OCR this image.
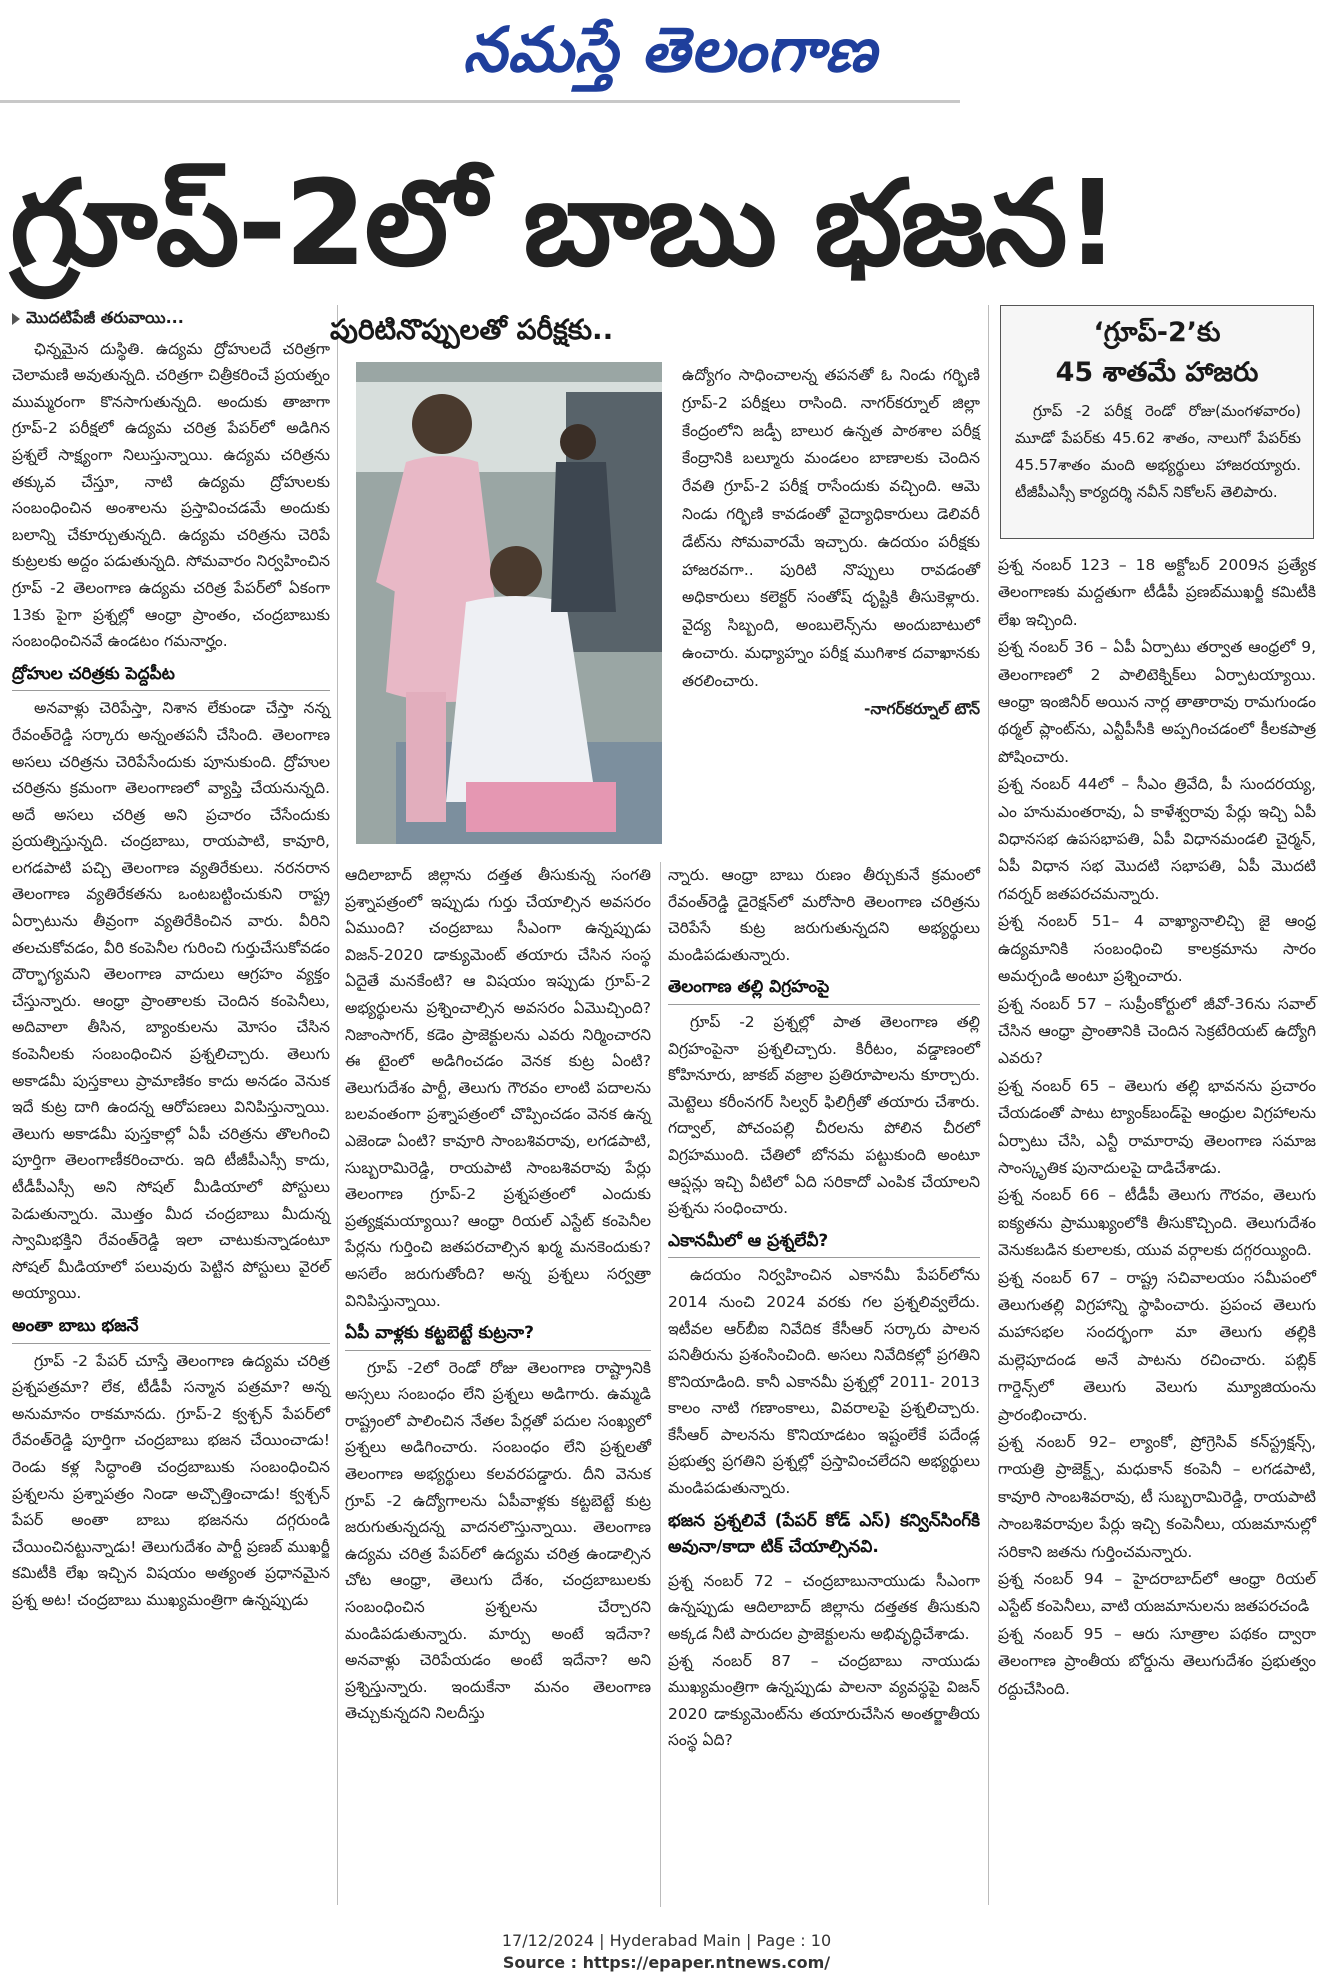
నమస్తే తెలంగాణ
గ్రూప్‌-2లో బాబు భజన!
మొదటిపేజీ తరువాయి...

ఛిన్నమైన దుస్థితి. ఉద్యమ ద్రోహులదే చరిత్రగా చెలామణి అవుతున్నది. చరిత్రగా చిత్రీకరించే ప్రయత్నం ముమ్మరంగా కొనసాగుతున్నది. అందుకు తాజాగా గ్రూప్‌-2 పరీక్షలో ఉద్యమ చరిత్ర పేపర్‌లో అడిగిన ప్రశ్నలే సాక్ష్యంగా నిలుస్తున్నాయి. ఉద్యమ చరిత్రను తక్కువ చేస్తూ, నాటి ఉద్యమ ద్రోహులకు సంబంధించిన అంశాలను ప్రస్తావించడమే అందుకు బలాన్ని చేకూర్చుతున్నది. ఉద్యమ చరిత్రను చెరిపే కుట్రలకు అద్దం పడుతున్నది. సోమవారం నిర్వహించిన గ్రూప్‌ -2 తెలంగాణ ఉద్యమ చరిత్ర పేపర్‌లో ఏకంగా 13కు పైగా ప్రశ్నల్లో ఆంధ్రా ప్రాంతం, చంద్రబాబుకు సంబంధించినవే ఉండటం గమనార్హం.

ద్రోహుల చరిత్రకు పెద్దపీట

అనవాళ్లు చెరిపేస్తా, నిశాన లేకుండా చేస్తా నన్న రేవంత్‌రెడ్డి సర్కారు అన్నంతపనీ చేసింది. తెలంగాణ అసలు చరిత్రను చెరిపేసేందుకు పూనుకుంది. ద్రోహుల చరిత్రను క్రమంగా తెలంగాణలో వ్యాప్తి చేయనున్నది. అదే అసలు చరిత్ర అని ప్రచారం చేసేందుకు ప్రయత్నిస్తున్నది. చంద్రబాబు, రాయపాటి, కావూరి, లగడపాటి పచ్చి తెలంగాణ వ్యతిరేకులు. నరనరాన తెలంగాణ వ్యతిరేకతను ఒంటబట్టించుకుని రాష్ట్ర ఏర్పాటును తీవ్రంగా వ్యతిరేకించిన వారు. వీరిని తలచుకోవడం, వీరి కంపెనీల గురించి గుర్తుచేసుకోవడం దౌర్భాగ్యమని తెలంగాణ వాదులు ఆగ్రహం వ్యక్తం చేస్తున్నారు. ఆంధ్రా ప్రాంతాలకు చెందిన కంపెనీలు, అదివాలా తీసిన, బ్యాంకులను మోసం చేసిన కంపెనీలకు సంబంధించిన ప్రశ్నలిచ్చారు. తెలుగు అకాడమీ పుస్తకాలు ప్రామాణికం కాదు అనడం వెనుక ఇదే కుట్ర దాగి ఉందన్న ఆరోపణలు వినిపిస్తున్నాయి. తెలుగు అకాడమీ పుస్తకాల్లో ఏపీ చరిత్రను తొలగించి పూర్తిగా తెలంగాణీకరించారు. ఇది టీజీపీఎస్సీ కాదు, టీడీపీఎస్సీ అని సోషల్‌ మీడియాలో పోస్టులు పెడుతున్నారు. మొత్తం మీద చంద్రబాబు మీదున్న స్వామిభక్తిని రేవంత్‌రెడ్డి ఇలా చాటుకున్నాడంటూ సోషల్‌ మీడియాలో పలువురు పెట్టిన పోస్టులు వైరల్‌ అయ్యాయి.

అంతా బాబు భజనే

గ్రూప్‌ -2 పేపర్‌ చూస్తే తెలంగాణ ఉద్యమ చరిత్ర ప్రశ్నపత్రమా? లేక, టీడీపీ సన్మాన పత్రమా? అన్న అనుమానం రాకమానదు. గ్రూప్‌-2 క్వశ్చన్‌ పేపర్‌లో రేవంత్‌రెడ్డి పూర్తిగా చంద్రబాబు భజన చేయించాడు! రెండు కళ్ల సిద్ధాంతి చంద్రబాబుకు సంబంధించిన ప్రశ్నలను ప్రశ్నాపత్రం నిండా అచ్చొత్తించాడు! క్వశ్చన్‌ పేపర్‌ అంతా బాబు భజనను దగ్గరుండి చేయించినట్టున్నాడు! తెలుగుదేశం పార్టీ ప్రణబ్‌ ముఖర్జీ కమిటీకి లేఖ ఇచ్చిన విషయం అత్యంత ప్రధానమైన ప్రశ్న అట! చంద్రబాబు ముఖ్యమంత్రిగా ఉన్నప్పుడు

పురిటినొప్పులతో పరీక్షకు..

ఉద్యోగం సాధించాలన్న తపనతో ఓ నిండు గర్భిణి గ్రూప్‌-2 పరీక్షలు రాసింది. నాగర్‌కర్నూల్‌ జిల్లా కేంద్రంలోని జడ్పీ బాలుర ఉన్నత పాఠశాల పరీక్ష కేంద్రానికి బల్మూరు మండలం బాణాలకు చెందిన రేవతి గ్రూప్‌-2 పరీక్ష రాసేందుకు వచ్చింది. ఆమె నిండు గర్భిణి కావడంతో వైద్యాధికారులు డెలివరీ డేట్‌ను సోమవారమే ఇచ్చారు. ఉదయం పరీక్షకు హాజరవగా.. పురిటి నొప్పులు రావడంతో అధికారులు కలెక్టర్‌ సంతోష్‌ దృష్టికి తీసుకెళ్లారు. వైద్య సిబ్బంది, అంబులెన్స్‌ను అందుబాటులో ఉంచారు. మధ్యాహ్నం పరీక్ష ముగిశాక దవాఖానకు తరలించారు.

-నాగర్‌కర్నూల్‌ టౌన్‌

ఆదిలాబాద్‌ జిల్లాను దత్తత తీసుకున్న సంగతి ప్రశ్నాపత్రంలో ఇప్పుడు గుర్తు చేయాల్సిన అవసరం ఏముంది? చంద్రబాబు సీఎంగా ఉన్నప్పుడు విజన్‌-2020 డాక్యుమెంట్‌ తయారు చేసిన సంస్థ ఏదైతే మనకేంటి? ఆ విషయం ఇప్పుడు గ్రూప్‌-2 అభ్యర్థులను ప్రశ్నించాల్సిన అవసరం ఏమొచ్చింది? నిజాంసాగర్‌, కడెం ప్రాజెక్టులను ఎవరు నిర్మించారని ఈ టైంలో అడిగించడం వెనక కుట్ర ఏంటి? తెలుగుదేశం పార్టీ, తెలుగు గౌరవం లాంటి పదాలను బలవంతంగా ప్రశ్నాపత్రంలో చొప్పించడం వెనక ఉన్న ఎజెండా ఏంటి? కావూరి సాంబశివరావు, లగడపాటి, సుబ్బరామిరెడ్డి, రాయపాటి సాంబశివరావు పేర్లు తెలంగాణ గ్రూప్‌-2 ప్రశ్నపత్రంలో ఎందుకు ప్రత్యక్షమయ్యాయి? ఆంధ్రా రియల్‌ ఎస్టేట్‌ కంపెనీల పేర్లను గుర్తించి జతపరచాల్సిన ఖర్మ మనకెందుకు? అసలేం జరుగుతోంది? అన్న ప్రశ్నలు సర్వత్రా వినిపిస్తున్నాయి.

ఏపీ వాళ్లకు కట్టబెట్టే కుట్రనా?

గ్రూప్‌ -2లో రెండో రోజు తెలంగాణ రాష్ట్రానికి అస్సలు సంబంధం లేని ప్రశ్నలు అడిగారు. ఉమ్మడి రాష్ట్రంలో పాలించిన నేతల పేర్లతో పదుల సంఖ్యలో ప్రశ్నలు అడిగించారు. సంబంధం లేని ప్రశ్నలతో తెలంగాణ అభ్యర్థులు కలవరపడ్డారు. దీని వెనుక గ్రూప్‌ -2 ఉద్యోగాలను ఏపీవాళ్లకు కట్టబెట్టే కుట్ర జరుగుతున్నదన్న వాదనలొస్తున్నాయి. తెలంగాణ ఉద్యమ చరిత్ర పేపర్‌లో ఉద్యమ చరిత్ర ఉండాల్సిన చోట ఆంధ్రా, తెలుగు దేశం, చంద్రబాబులకు సంబంధించిన ప్రశ్నలను చేర్చారని మండిపడుతున్నారు. మార్పు అంటే ఇదేనా? అనవాళ్లు చెరిపేయడం అంటే ఇదేనా? అని ప్రశ్నిస్తున్నారు. ఇందుకేనా మనం తెలంగాణ తెచ్చుకున్నదని నిలదీస్తు

న్నారు. ఆంధ్రా బాబు రుణం తీర్చుకునే క్రమంలో రేవంత్‌రెడ్డి డైరెక్షన్‌లో మరోసారి తెలంగాణ చరిత్రను చెరిపేసే కుట్ర జరుగుతున్నదని అభ్యర్థులు మండిపడుతున్నారు.

తెలంగాణ తల్లి విగ్రహంపై

గ్రూప్‌ -2 ప్రశ్నల్లో పాత తెలంగాణ తల్లి విగ్రహంపైనా ప్రశ్నలిచ్చారు. కిరీటం, వడ్డాణంలో కోహినూరు, జాకబ్‌ వజ్రాల ప్రతిరూపాలను కూర్చారు. మెట్టెలు కరీంనగర్‌ సిల్వర్‌ ఫిలిగ్రీతో తయారు చేశారు. గద్వాల్‌, పోచంపల్లి చీరలను పోలిన చీరలో విగ్రహముంది. చేతిలో బోనమ పట్టుకుంది అంటూ ఆప్షన్లు ఇచ్చి వీటిలో ఏది సరికాదో ఎంపిక చేయాలని ప్రశ్నను సంధించారు.

ఎకానమీలో ఆ ప్రశ్నలేవీ?

ఉదయం నిర్వహించిన ఎకానమీ పేపర్‌లోను 2014 నుంచి 2024 వరకు గల ప్రశ్నలివ్వలేదు. ఇటీవల ఆర్‌బీఐ నివేదిక కేసీఆర్‌ సర్కారు పాలన పనితీరును ప్రశంసించింది. అసలు నివేదికల్లో ప్రగతిని కొనియాడింది. కానీ ఎకానమీ ప్రశ్నల్లో 2011- 2013 కాలం నాటి గణాంకాలు, వివరాలపై ప్రశ్నలిచ్చారు. కేసీఆర్‌ పాలనను కొనియాడటం ఇష్టంలేకే పదేండ్ల ప్రభుత్వ ప్రగతిని ప్రశ్నల్లో ప్రస్తావించలేదని అభ్యర్థులు మండిపడుతున్నారు.

భజన ప్రశ్నలివే (పేపర్‌ కోడ్‌ ఎస్‌) కన్విన్‌సింగ్‌కి అవునా/కాదా టిక్‌ చేయాల్సినవి.

ప్రశ్న నంబర్‌ 72 – చంద్రబాబునాయుడు సీఎంగా ఉన్నప్పుడు ఆదిలాబాద్‌ జిల్లాను దత్తతక తీసుకుని అక్కడ నీటి పారుదల ప్రాజెక్టులను అభివృద్ధిచేశాడు.

ప్రశ్న నంబర్‌ 87 – చంద్రబాబు నాయుడు ముఖ్యమంత్రిగా ఉన్నప్పుడు పాలనా వ్యవస్థపై విజన్‌ 2020 డాక్యుమెంట్‌ను తయారుచేసిన అంతర్జాతీయ సంస్థ ఏది?

‘గ్రూప్‌-2’కు
45 శాతమే హాజరు
గ్రూప్‌ -2 పరీక్ష రెండో రోజు(మంగళవారం) మూడో పేపర్‌కు 45.62 శాతం, నాలుగో పేపర్‌కు 45.57శాతం మంది అభ్యర్థులు హాజరయ్యారు. టీజీపీఎస్సీ కార్యదర్శి నవీన్‌ నికోలస్‌ తెలిపారు.

ప్రశ్న నంబర్‌ 123 – 18 అక్టోబర్‌ 2009న ప్రత్యేక తెలంగాణకు మద్దతుగా టీడీపీ ప్రణబ్‌ముఖర్జీ కమిటీకి లేఖ ఇచ్చింది.

ప్రశ్న నంబర్‌ 36 – ఏపీ ఏర్పాటు తర్వాత ఆంధ్రలో 9, తెలంగాణలో 2 పాలిటెక్నిక్‌లు ఏర్పాటయ్యాయి. ఆంధ్రా ఇంజినీర్‌ అయిన నార్ల తాతారావు రామగుండం థర్మల్‌ ప్లాంట్‌ను, ఎన్టీపీసీకి అప్పగించడంలో కీలకపాత్ర పోషించారు.

ప్రశ్న నంబర్‌ 44లో – సీఎం త్రివేది, పీ సుందరయ్య, ఎం హనుమంతరావు, ఏ కాళేశ్వరావు పేర్లు ఇచ్చి ఏపీ విధానసభ ఉపసభాపతి, ఏపీ విధానమండలి చైర్మన్‌, ఏపీ విధాన సభ మొదటి సభాపతి, ఏపీ మొదటి గవర్నర్‌ జతపరచమన్నారు.

ప్రశ్న నంబర్‌ 51– 4 వాఖ్యానాలిచ్చి జై ఆంధ్ర ఉద్యమానికి సంబంధించి కాలక్రమాను సారం అమర్చండి అంటూ ప్రశ్నించారు.

ప్రశ్న నంబర్‌ 57 – సుప్రీంకోర్టులో జీవో-36ను సవాల్‌ చేసిన ఆంధ్రా ప్రాంతానికి చెందిన సెక్రటేరియట్‌ ఉద్యోగి ఎవరు?

ప్రశ్న నంబర్‌ 65 – తెలుగు తల్లి భావనను ప్రచారం చేయడంతో పాటు ట్యాంక్‌బండ్‌పై ఆంధ్రుల విగ్రహాలను ఏర్పాటు చేసి, ఎన్టీ రామారావు తెలంగాణ సమాజ సాంస్కృతిక పునాదులపై దాడిచేశాడు.

ప్రశ్న నంబర్‌ 66 – టీడీపీ తెలుగు గౌరవం, తెలుగు ఐక్యతను ప్రాముఖ్యంలోకి తీసుకొచ్చింది. తెలుగుదేశం వెనుకబడిన కులాలకు, యువ వర్గాలకు దగ్గరయ్యింది.

ప్రశ్న నంబర్‌ 67 – రాష్ట్ర సచివాలయం సమీపంలో తెలుగుతల్లి విగ్రహాన్ని స్థాపించారు. ప్రపంచ తెలుగు మహాసభల సందర్భంగా మా తెలుగు తల్లికి మల్లెపూదండ అనే పాటను రచించారు. పబ్లిక్‌ గార్డెన్స్‌లో తెలుగు వెలుగు మ్యూజియంను ప్రారంభించారు.

ప్రశ్న నంబర్‌ 92– ల్యాంకో, ప్రోగ్రెసివ్‌ కన్‌స్ట్రక్షన్స్‌, గాయత్రి ప్రాజెక్ట్స్‌, మధుకాన్‌ కంపెనీ – లగడపాటి, కావూరి సాంబశివరావు, టీ సుబ్బరామిరెడ్డి, రాయపాటి సాంబశివరావుల పేర్లు ఇచ్చి కంపెనీలు, యజమానుల్లో సరికాని జతను గుర్తించమన్నారు.

ప్రశ్న నంబర్‌ 94 – హైదరాబాద్‌లో ఆంధ్రా రియల్‌ ఎస్టేట్‌ కంపెనీలు, వాటి యజమానులను జతపరచండి

ప్రశ్న నంబర్‌ 95 – ఆరు సూత్రాల పథకం ద్వారా తెలంగాణ ప్రాంతీయ బోర్డును తెలుగుదేశం ప్రభుత్వం రద్దుచేసింది.

17/12/2024 | Hyderabad Main | Page : 10
Source : https://epaper.ntnews.com/
